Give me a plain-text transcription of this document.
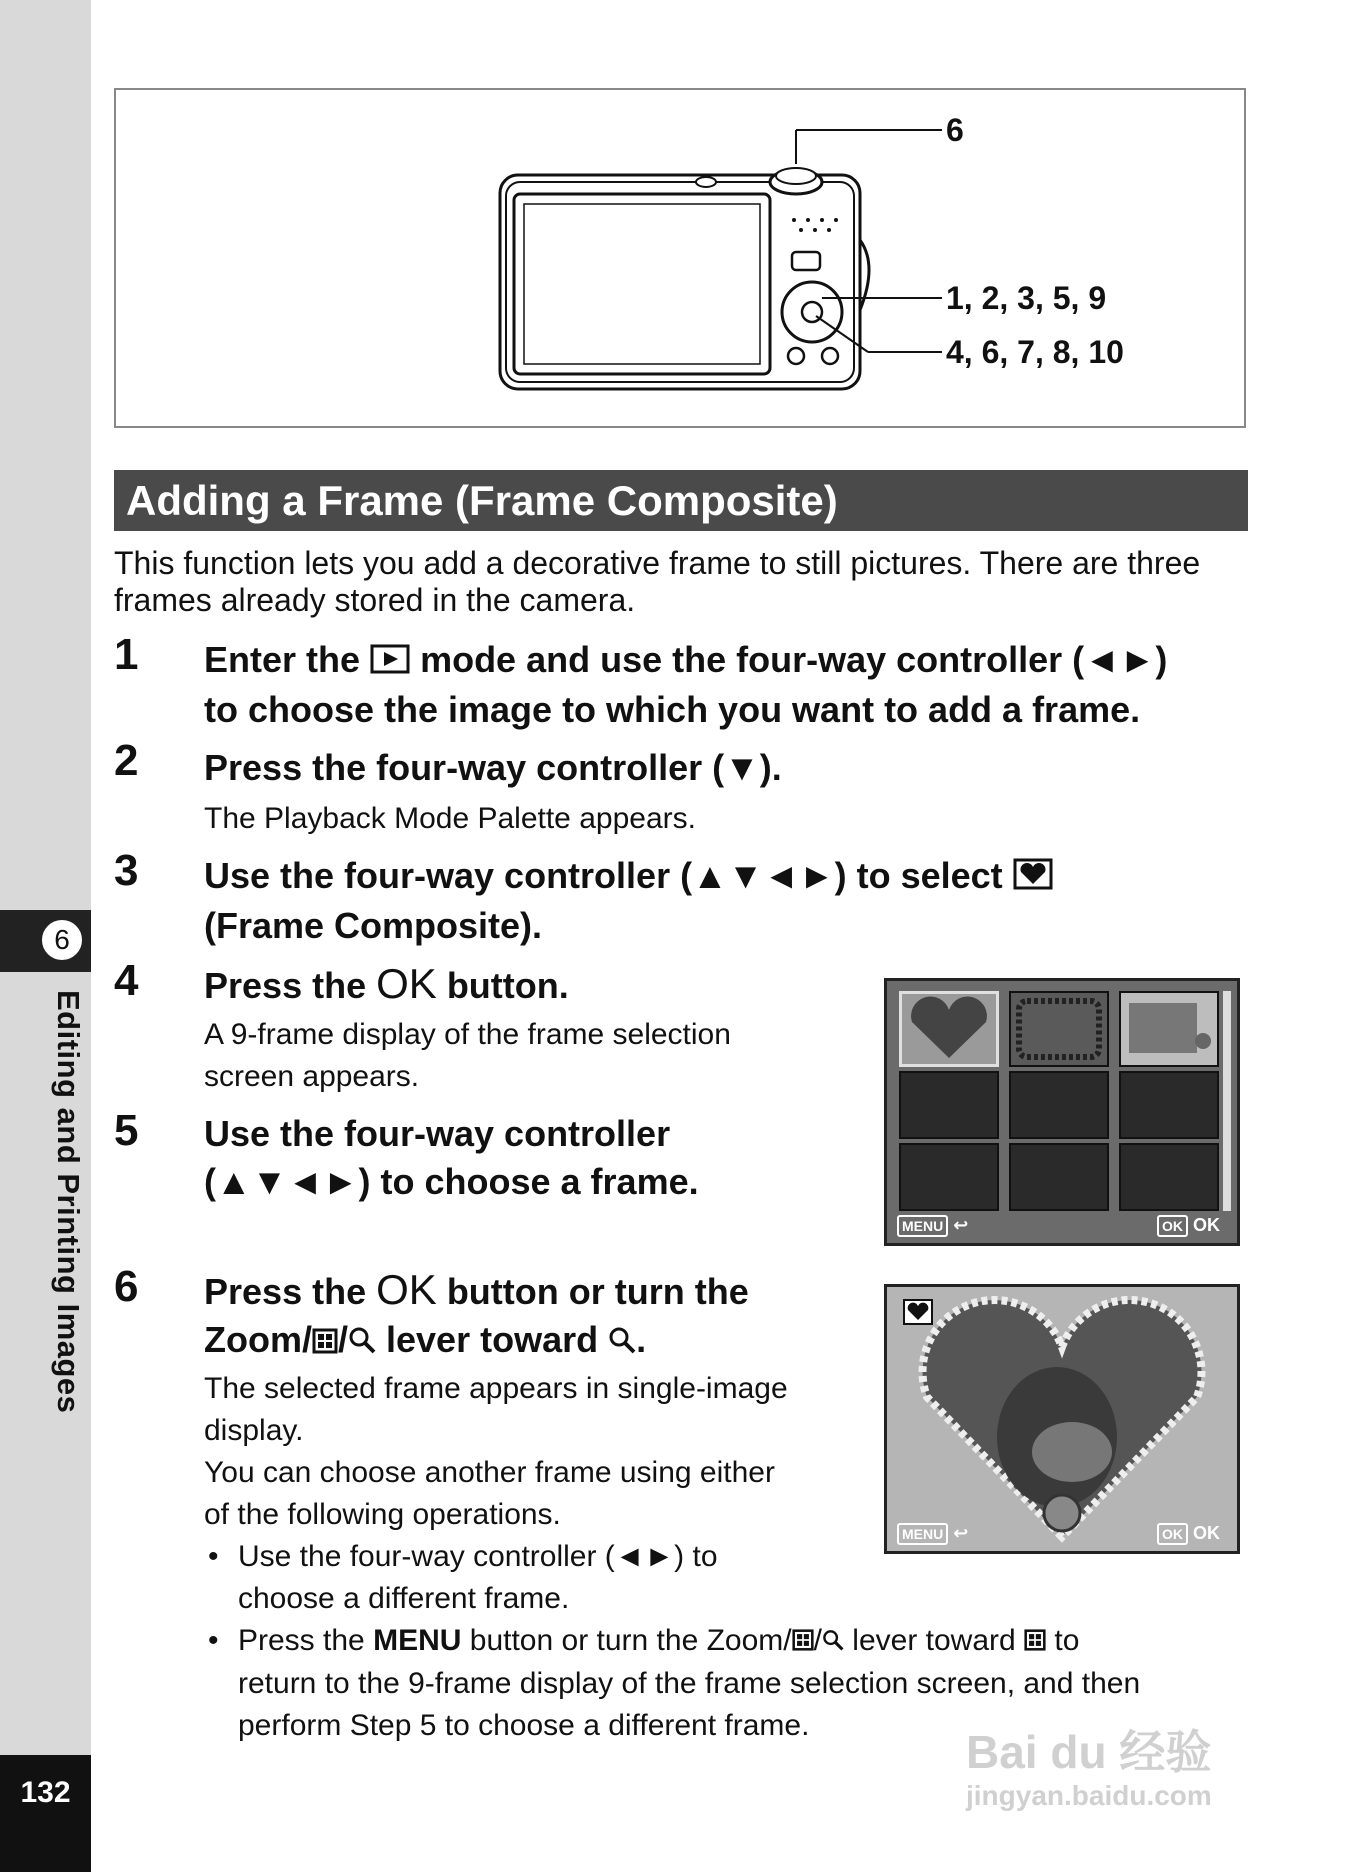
6
Editing and Printing Images
132
6
1, 2, 3, 5, 9
4, 6, 7, 8, 10
Adding a Frame (Frame Composite)
This function lets you add a decorative frame to still pictures. There are three frames already stored in the camera.
1 Enter the mode and use the four-way controller (◄►)
to choose the image to which you want to add a frame.
2 Press the four-way controller (▼).
The Playback Mode Palette appears.
3 Use the four-way controller (▲▼◄►) to select
(Frame Composite).
4 Press the OK button.
A 9-frame display of the frame selection
screen appears.
5 Use the four-way controller
(▲▼◄►) to choose a frame.
MENU ↩	OK OK
6 Press the OK button or turn the
Zoom/ / lever toward .
The selected frame appears in single-image
display.
You can choose another frame using either
of the following operations.
• Use the four-way controller (◄►) to
choose a different frame.
• Press the MENU button or turn the Zoom/ / lever toward to
return to the 9-frame display of the frame selection screen, and then
perform Step 5 to choose a different frame.
MENU ↩	OK OK
Bai du 经验
jingyan.baidu.com
